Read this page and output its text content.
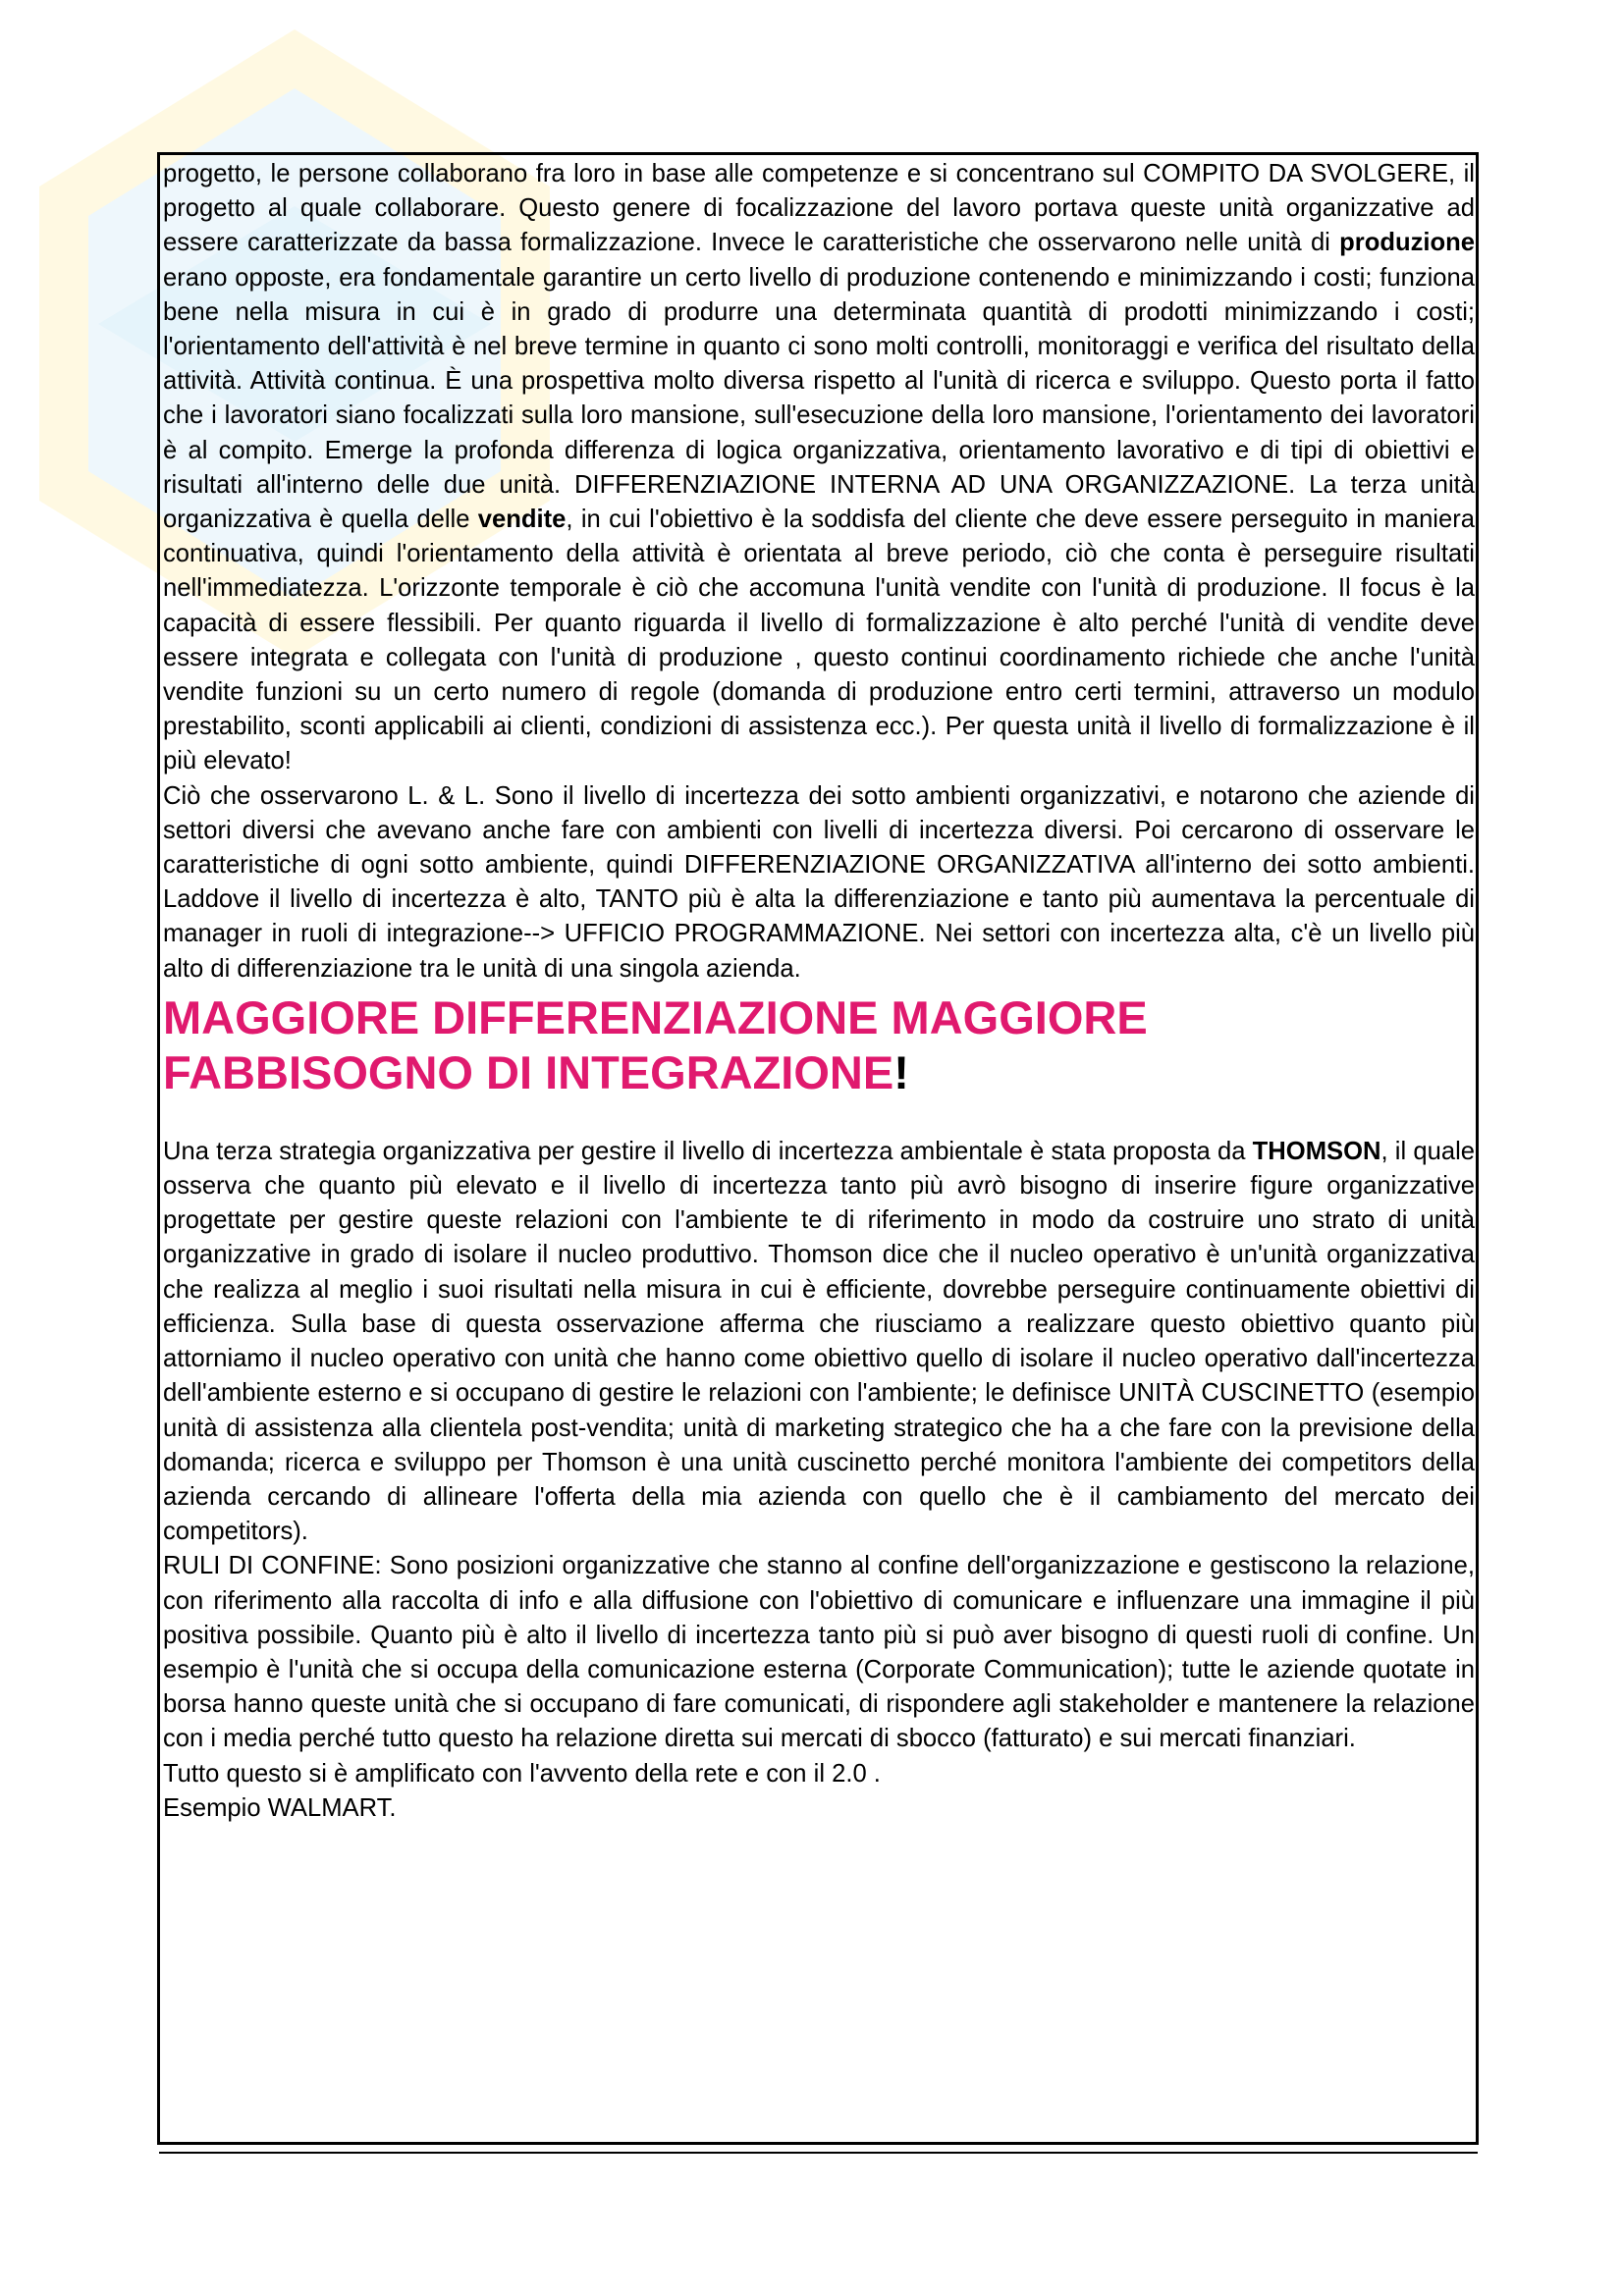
progetto, le persone collaborano fra loro in base alle competenze e si concentrano sul COMPITO DA SVOLGERE, il progetto al quale collaborare. Questo genere di focalizzazione del lavoro portava queste unità organizzative ad essere caratterizzate da bassa formalizzazione. Invece le caratteristiche che osservarono nelle unità di produzione erano opposte, era fondamentale garantire un certo livello di produzione contenendo e minimizzando i costi; funziona bene nella misura in cui è in grado di produrre una determinata quantità di prodotti minimizzando i costi; l'orientamento dell'attività è nel breve termine in quanto ci sono molti controlli, monitoraggi e verifica del risultato della attività. Attività continua. È una prospettiva molto diversa rispetto al l'unità di ricerca e sviluppo. Questo porta il fatto che i lavoratori siano focalizzati sulla loro mansione, sull'esecuzione della loro mansione, l'orientamento dei lavoratori è al compito. Emerge la profonda differenza di logica organizzativa, orientamento lavorativo e di tipi di obiettivi e risultati all'interno delle due unità. DIFFERENZIAZIONE INTERNA AD UNA ORGANIZZAZIONE. La terza unità organizzativa è quella delle vendite, in cui l'obiettivo è la soddisfa del cliente che deve essere perseguito in maniera continuativa, quindi l'orientamento della attività è orientata al breve periodo, ciò che conta è perseguire risultati nell'immediatezza. L'orizzonte temporale è ciò che accomuna l'unità vendite con l'unità di produzione. Il focus è la capacità di essere flessibili. Per quanto riguarda il livello di formalizzazione è alto perché l'unità di vendite deve essere integrata e collegata con l'unità di produzione , questo continui coordinamento richiede che anche l'unità vendite funzioni su un certo numero di regole (domanda di produzione entro certi termini, attraverso un modulo prestabilito, sconti applicabili ai clienti, condizioni di assistenza ecc.). Per questa unità il livello di formalizzazione è il più elevato!

Ciò che osservarono L. & L. Sono il livello di incertezza dei sotto ambienti organizzativi, e notarono che aziende di settori diversi che avevano anche fare con ambienti con livelli di incertezza diversi. Poi cercarono di osservare le caratteristiche di ogni sotto ambiente, quindi DIFFERENZIAZIONE ORGANIZZATIVA all'interno dei sotto ambienti. Laddove il livello di incertezza è alto, TANTO più è alta la differenziazione e tanto più aumentava la percentuale di manager in ruoli di integrazione--> UFFICIO PROGRAMMAZIONE. Nei settori con incertezza alta, c'è un livello più alto di differenziazione tra le unità di una singola azienda.

MAGGIORE DIFFERENZIAZIONE MAGGIORE
FABBISOGNO DI INTEGRAZIONE!

Una terza strategia organizzativa per gestire il livello di incertezza ambientale è stata proposta da THOMSON, il quale osserva che quanto più elevato e il livello di incertezza tanto più avrò bisogno di inserire figure organizzative progettate per gestire queste relazioni con l'ambiente te di riferimento in modo da costruire uno strato di unità organizzative in grado di isolare il nucleo produttivo. Thomson dice che il nucleo operativo è un'unità organizzativa che realizza al meglio i suoi risultati nella misura in cui è efficiente, dovrebbe perseguire continuamente obiettivi di efficienza. Sulla base di questa osservazione afferma che riusciamo a realizzare questo obiettivo quanto più attorniamo il nucleo operativo con unità che hanno come obiettivo quello di isolare il nucleo operativo dall'incertezza dell'ambiente esterno e si occupano di gestire le relazioni con l'ambiente; le definisce UNITÀ CUSCINETTO (esempio unità di assistenza alla clientela post-vendita; unità di marketing strategico che ha a che fare con la previsione della domanda; ricerca e sviluppo per Thomson è una unità cuscinetto perché monitora l'ambiente dei competitors della azienda cercando di allineare l'offerta della mia azienda con quello che è il cambiamento del mercato dei competitors).

RULI DI CONFINE: Sono posizioni organizzative che stanno al confine dell'organizzazione e gestiscono la relazione, con riferimento alla raccolta di info e alla diffusione con l'obiettivo di comunicare e influenzare una immagine il più positiva possibile. Quanto più è alto il livello di incertezza tanto più si può aver bisogno di questi ruoli di confine. Un esempio è l'unità che si occupa della comunicazione esterna (Corporate Communication); tutte le aziende quotate in borsa hanno queste unità che si occupano di fare comunicati, di rispondere agli stakeholder e mantenere la relazione con i media perché tutto questo ha relazione diretta sui mercati di sbocco (fatturato) e sui mercati finanziari.

Tutto questo si è amplificato con l'avvento della rete e con il 2.0 .

Esempio WALMART.
